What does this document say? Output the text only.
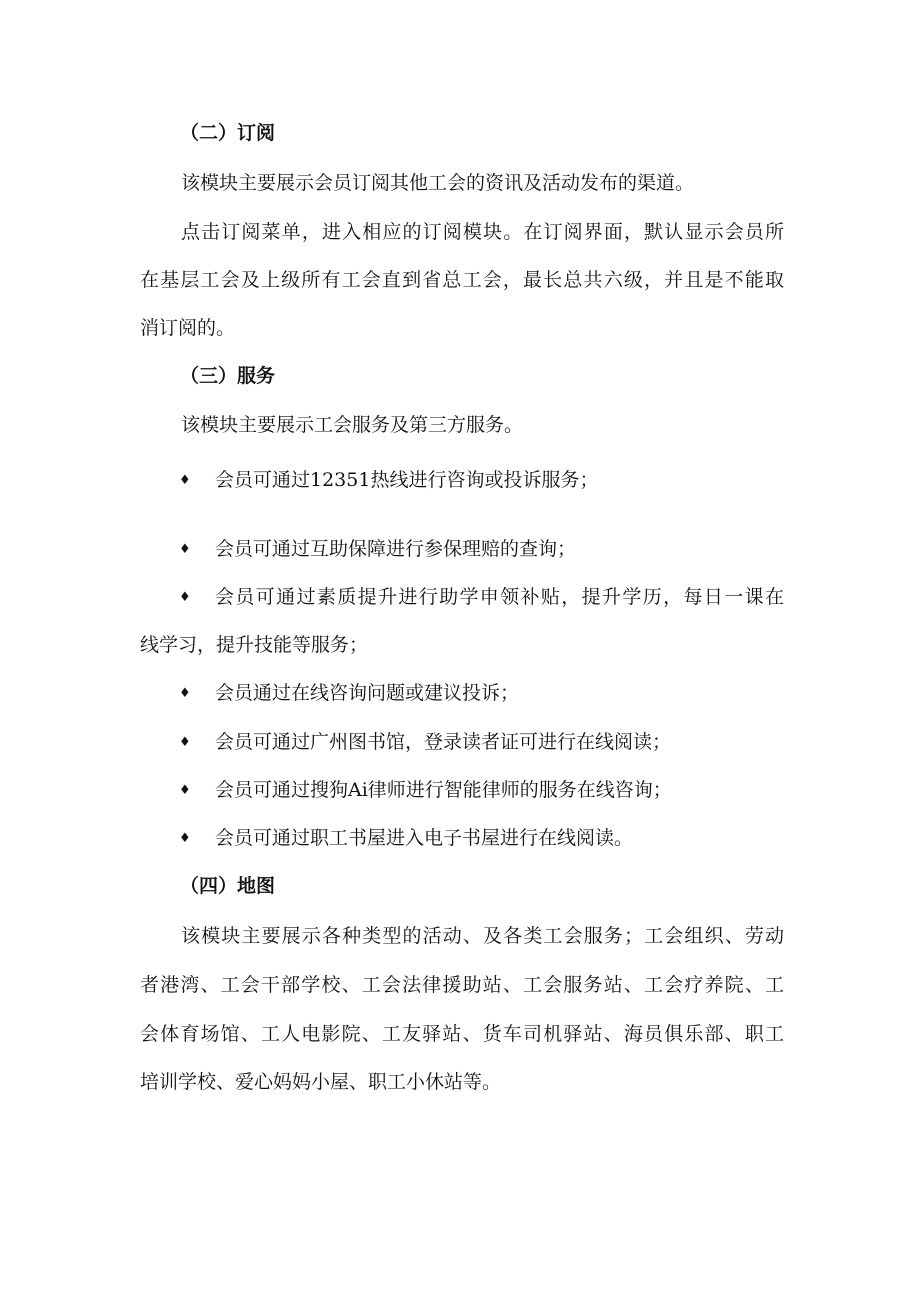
（二）订阅
该模块主要展示会员订阅其他工会的资讯及活动发布的渠道。
点击订阅菜单，进入相应的订阅模块。在订阅界面，默认显示会员所
在基层工会及上级所有工会直到省总工会，最长总共六级，并且是不能取
消订阅的。
（三）服务
该模块主要展示工会服务及第三方服务。
♦ 会员可通过12351热线进行咨询或投诉服务；
♦ 会员可通过互助保障进行参保理赔的查询；
♦ 会员可通过素质提升进行助学申领补贴，提升学历，每日一课在
线学习，提升技能等服务；
♦ 会员通过在线咨询问题或建议投诉；
♦ 会员可通过广州图书馆，登录读者证可进行在线阅读；
♦ 会员可通过搜狗Ai律师进行智能律师的服务在线咨询；
♦ 会员可通过职工书屋进入电子书屋进行在线阅读。
（四）地图
该模块主要展示各种类型的活动、及各类工会服务；工会组织、劳动
者港湾、工会干部学校、工会法律援助站、工会服务站、工会疗养院、工
会体育场馆、工人电影院、工友驿站、货车司机驿站、海员俱乐部、职工
培训学校、爱心妈妈小屋、职工小休站等。
